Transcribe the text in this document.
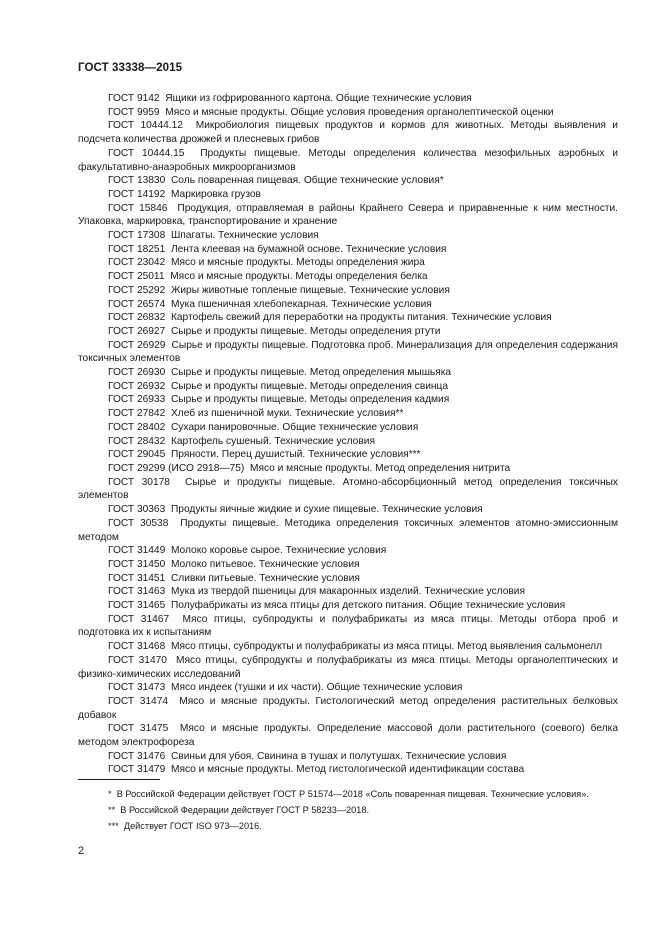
ГОСТ 33338—2015

ГОСТ 9142 Ящики из гофрированного картона. Общие технические условия

ГОСТ 9959 Мясо и мясные продукты. Общие условия проведения органолептической оценки

ГОСТ 10444.12 Микробиология пищевых продуктов и кормов для животных. Методы выявления и подсчета количества дрожжей и плесневых грибов

ГОСТ 10444.15 Продукты пищевые. Методы определения количества мезофильных аэробных и факультативно-анаэробных микроорганизмов

ГОСТ 13830 Соль поваренная пищевая. Общие технические условия*

ГОСТ 14192 Маркировка грузов

ГОСТ 15846 Продукция, отправляемая в районы Крайнего Севера и приравненные к ним местности. Упаковка, маркировка, транспортирование и хранение

ГОСТ 17308 Шпагаты. Технические условия

ГОСТ 18251 Лента клеевая на бумажной основе. Технические условия

ГОСТ 23042 Мясо и мясные продукты. Методы определения жира

ГОСТ 25011 Мясо и мясные продукты. Методы определения белка

ГОСТ 25292 Жиры животные топленые пищевые. Технические условия

ГОСТ 26574 Мука пшеничная хлебопекарная. Технические условия

ГОСТ 26832 Картофель свежий для переработки на продукты питания. Технические условия

ГОСТ 26927 Сырье и продукты пищевые. Методы определения ртути

ГОСТ 26929 Сырье и продукты пищевые. Подготовка проб. Минерализация для определения содержания токсичных элементов

ГОСТ 26930 Сырье и продукты пищевые. Метод определения мышьяка

ГОСТ 26932 Сырье и продукты пищевые. Методы определения свинца

ГОСТ 26933 Сырье и продукты пищевые. Методы определения кадмия

ГОСТ 27842 Хлеб из пшеничной муки. Технические условия**

ГОСТ 28402 Сухари панировочные. Общие технические условия

ГОСТ 28432 Картофель сушеный. Технические условия

ГОСТ 29045 Пряности. Перец душистый. Технические условия***

ГОСТ 29299 (ИСО 2918—75) Мясо и мясные продукты. Метод определения нитрита

ГОСТ 30178 Сырье и продукты пищевые. Атомно-абсорбционный метод определения токсичных элементов

ГОСТ 30363 Продукты яичные жидкие и сухие пищевые. Технические условия

ГОСТ 30538 Продукты пищевые. Методика определения токсичных элементов атомно-эмиссионным методом

ГОСТ 31449 Молоко коровье сырое. Технические условия

ГОСТ 31450 Молоко питьевое. Технические условия

ГОСТ 31451 Сливки питьевые. Технические условия

ГОСТ 31463 Мука из твердой пшеницы для макаронных изделий. Технические условия

ГОСТ 31465 Полуфабрикаты из мяса птицы для детского питания. Общие технические условия

ГОСТ 31467 Мясо птицы, субпродукты и полуфабрикаты из мяса птицы. Методы отбора проб и подготовка их к испытаниям

ГОСТ 31468 Мясо птицы, субпродукты и полуфабрикаты из мяса птицы. Метод выявления сальмонелл

ГОСТ 31470 Мясо птицы, субпродукты и полуфабрикаты из мяса птицы. Методы органолептических и физико-химических исследований

ГОСТ 31473 Мясо индеек (тушки и их части). Общие технические условия

ГОСТ 31474 Мясо и мясные продукты. Гистологический метод определения растительных белковых добавок

ГОСТ 31475 Мясо и мясные продукты. Определение массовой доли растительного (соевого) белка методом электрофореза

ГОСТ 31476 Свиньи для убоя. Свинина в тушах и полутушах. Технические условия

ГОСТ 31479 Мясо и мясные продукты. Метод гистологической идентификации состава

* В Российской Федерации действует ГОСТ Р 51574—2018 «Соль поваренная пищевая. Технические условия».

** В Российской Федерации действует ГОСТ Р 58233—2018.

*** Действует ГОСТ ISO 973—2016.

2
